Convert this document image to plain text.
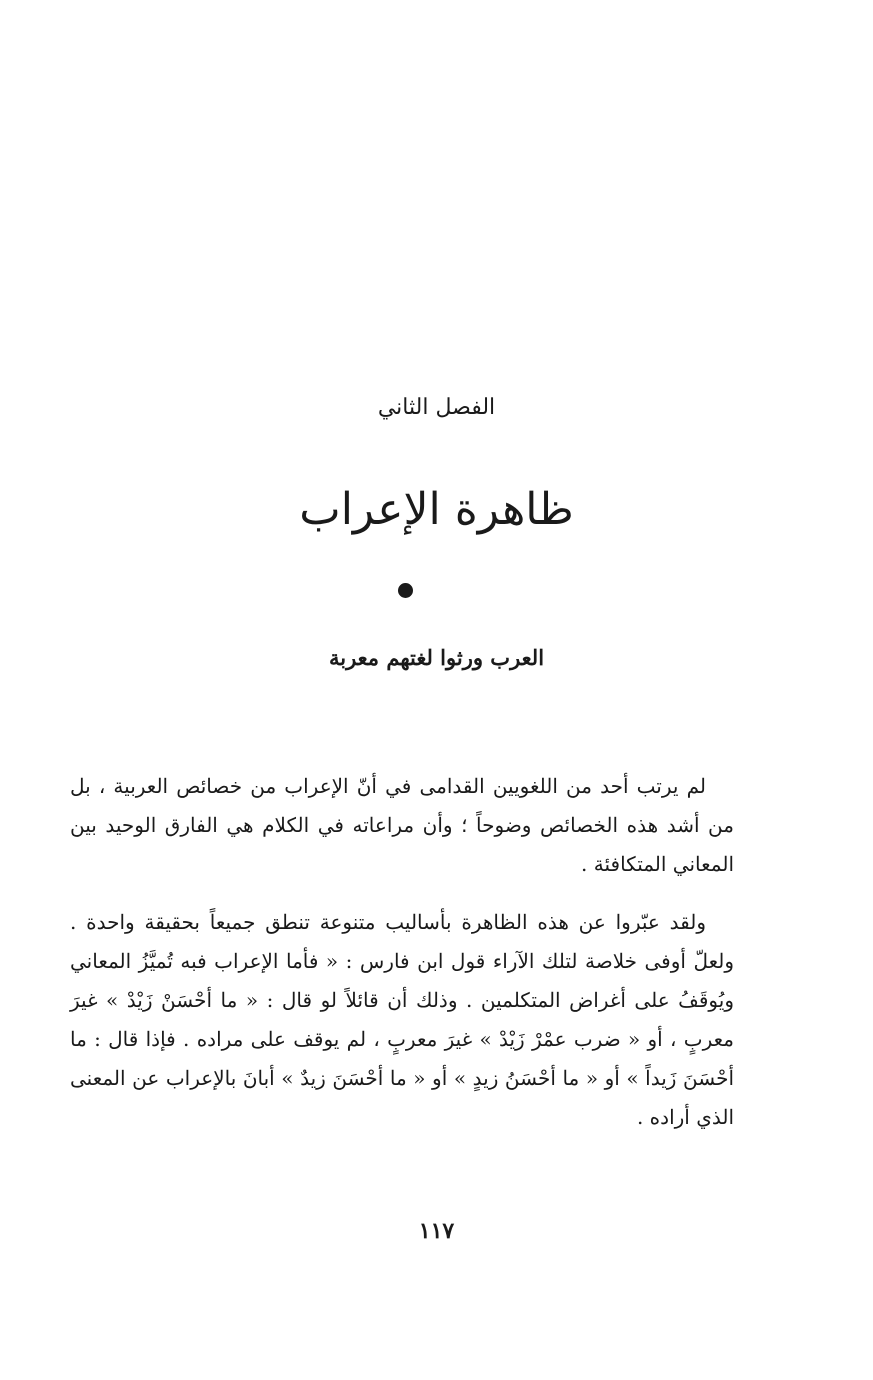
الفصل الثاني
ظاهرة الإعراب
العرب ورثوا لغتهم معربة

لم يرتب أحد من اللغويين القدامى في أنّ الإعراب من خصائص العربية ، بل من أشد هذه الخصائص وضوحاً ؛ وأن مراعاته في الكلام هي الفارق الوحيد بين المعاني المتكافئة .

ولقد عبّروا عن هذه الظاهرة بأساليب متنوعة تنطق جميعاً بحقيقة واحدة . ولعلّ أوفى خلاصة لتلك الآراء قول ابن فارس : « فأما الإعراب فبه تُميَّزُ المعاني ويُوقَفُ على أغراض المتكلمين . وذلك أن قائلاً لو قال : « ما أحْسَنْ زَيْدْ » غيرَ معربٍ ، أو « ضرب عمْرْ زَيْدْ » غيرَ معربٍ ، لم يوقف على مراده . فإذا قال : ما أحْسَنَ زَيداً » أو « ما أحْسَنُ زيدٍ » أو « ما أحْسَنَ زيدٌ » أبانَ بالإعراب عن المعنى الذي أراده .

١١٧
